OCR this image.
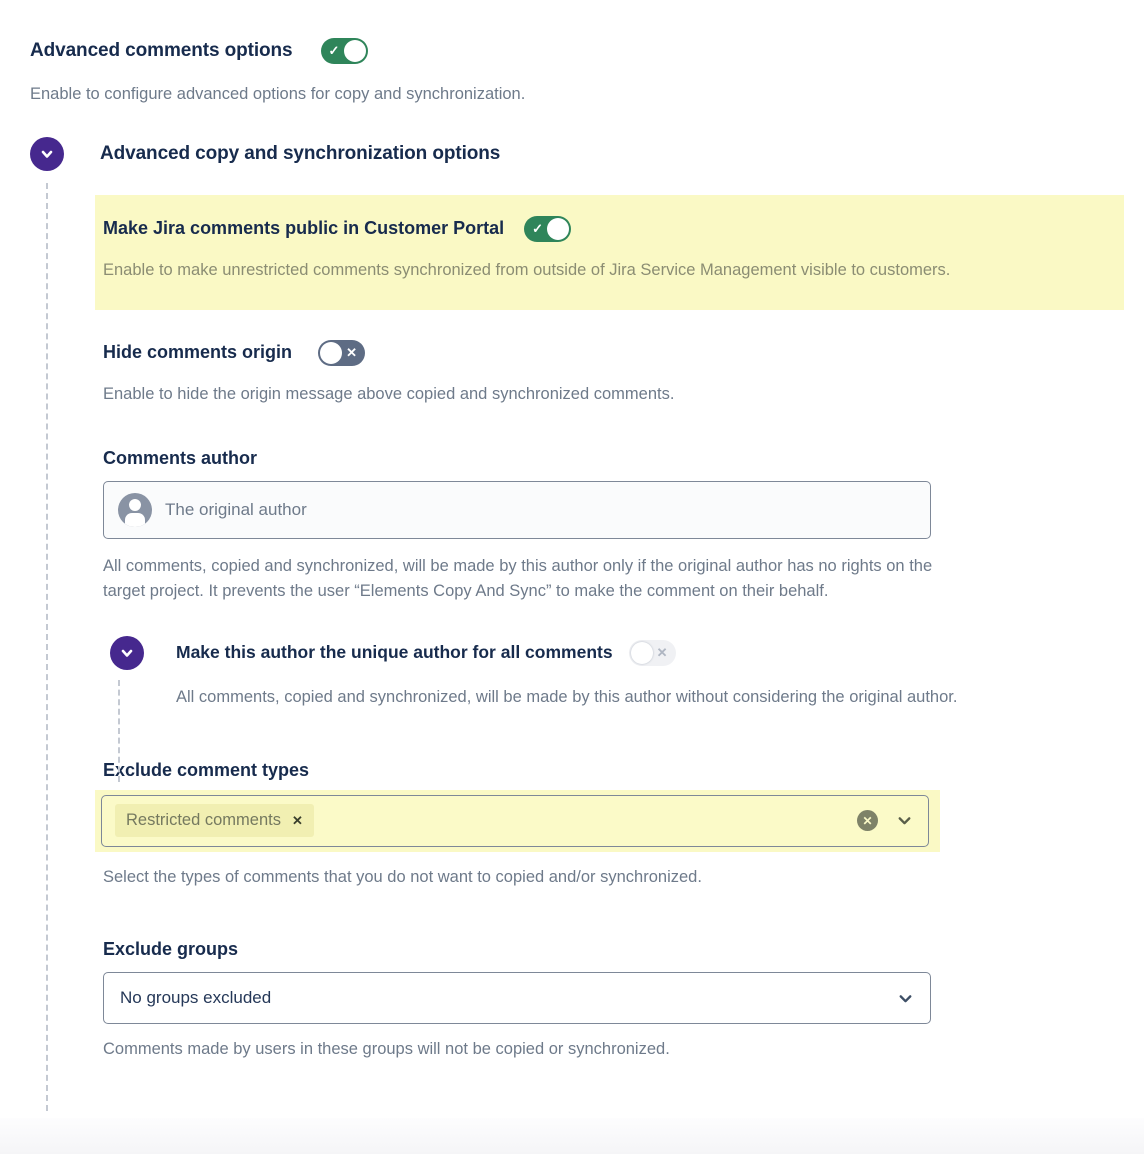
Advanced comments options	✓
Enable to configure advanced options for copy and synchronization.
Advanced copy and synchronization options
Make Jira comments public in Customer Portal ✓
Enable to make unrestricted comments synchronized from outside of Jira Service Management visible to customers.
Hide comments origin	✕
Enable to hide the origin message above copied and synchronized comments.
Comments author
The original author
All comments, copied and synchronized, will be made by this author only if the original author has no rights on the target project. It prevents the user “Elements Copy And Sync” to make the comment on their behalf.
Make this author the unique author for all comments	✕
All comments, copied and synchronized, will be made by this author without considering the original author.
Exclude comment types
Restricted comments ✕	✕
Select the types of comments that you do not want to copied and/or synchronized.
Exclude groups
No groups excluded
Comments made by users in these groups will not be copied or synchronized.
